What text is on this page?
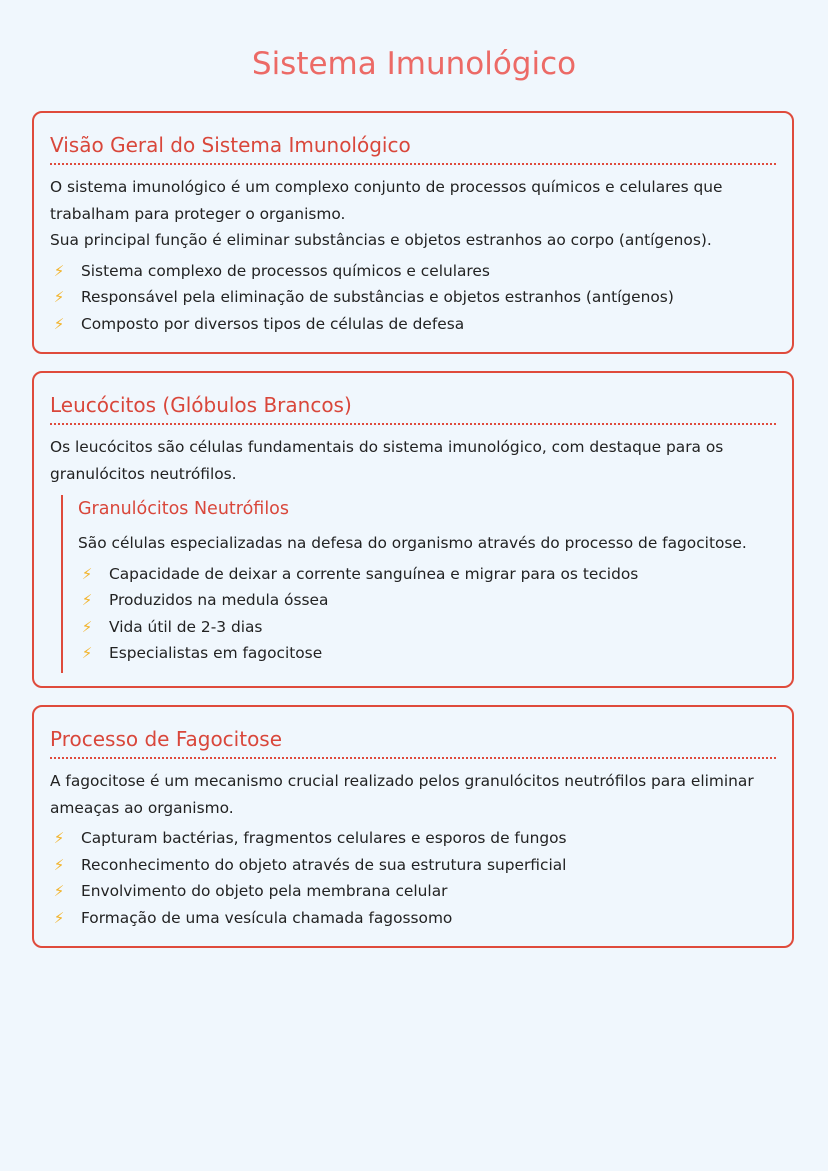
Sistema Imunológico
Visão Geral do Sistema Imunológico

O sistema imunológico é um complexo conjunto de processos químicos e celulares que trabalham para proteger o organismo.

Sua principal função é eliminar substâncias e objetos estranhos ao corpo (antígenos).

⚡ Sistema complexo de processos químicos e celulares
⚡ Responsável pela eliminação de substâncias e objetos estranhos (antígenos)
⚡ Composto por diversos tipos de células de defesa
Leucócitos (Glóbulos Brancos)

Os leucócitos são células fundamentais do sistema imunológico, com destaque para os granulócitos neutrófilos.

Granulócitos Neutrófilos

São células especializadas na defesa do organismo através do processo de fagocitose.

⚡ Capacidade de deixar a corrente sanguínea e migrar para os tecidos
⚡ Produzidos na medula óssea
⚡ Vida útil de 2-3 dias
⚡ Especialistas em fagocitose
Processo de Fagocitose

A fagocitose é um mecanismo crucial realizado pelos granulócitos neutrófilos para eliminar ameaças ao organismo.

⚡ Capturam bactérias, fragmentos celulares e esporos de fungos
⚡ Reconhecimento do objeto através de sua estrutura superficial
⚡ Envolvimento do objeto pela membrana celular
⚡ Formação de uma vesícula chamada fagossomo
